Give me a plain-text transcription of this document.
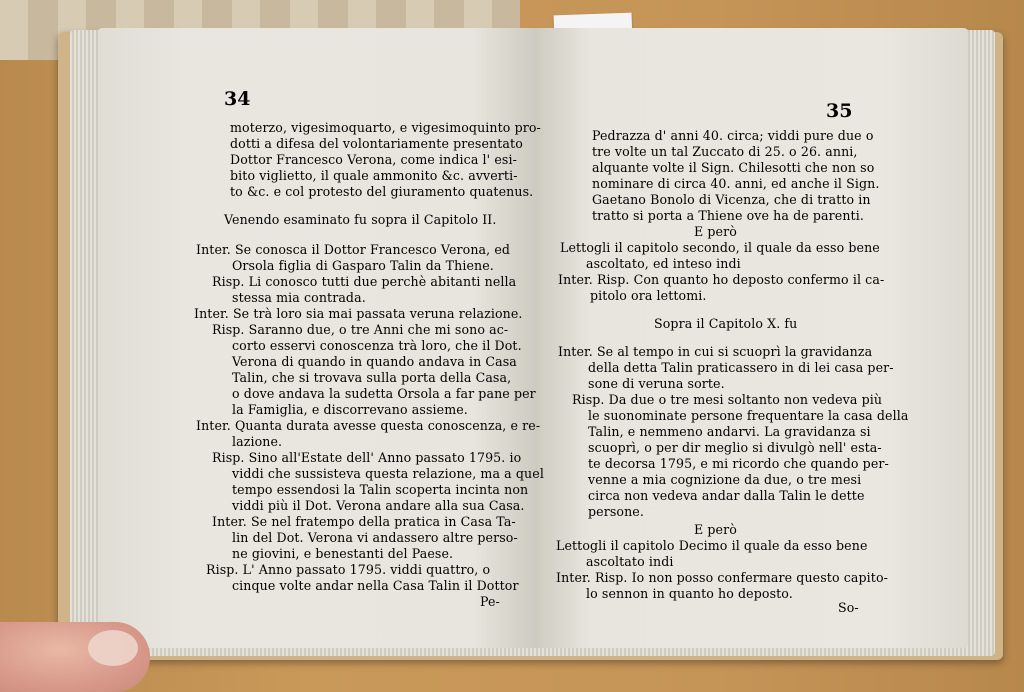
34
35
moterzo, vigesimoquarto, e vigesimoquinto pro-
dotti a difesa del volontariamente presentato
Dottor Francesco Verona, come indica l' esi-
bito viglietto, il quale ammonito &c. avverti-
to &c. e col protesto del giuramento quatenus.
Venendo esaminato fu sopra il Capitolo II.
Inter. Se conosca il Dottor Francesco Verona, ed
Orsola figlia di Gasparo Talin da Thiene.
Risp. Li conosco tutti due perchè abitanti nella
stessa mia contrada.
Inter. Se trà loro sia mai passata veruna relazione.
Risp. Saranno due, o tre Anni che mi sono ac-
corto esservi conoscenza trà loro, che il Dot.
Verona di quando in quando andava in Casa
Talin, che si trovava sulla porta della Casa,
o dove andava la sudetta Orsola a far pane per
la Famiglia, e discorrevano assieme.
Inter. Quanta durata avesse questa conoscenza, e re-
lazione.
Risp. Sino all'Estate dell' Anno passato 1795. io
viddi che sussisteva questa relazione, ma a quel
tempo essendosi la Talin scoperta incinta non
viddi più il Dot. Verona andare alla sua Casa.
Inter. Se nel fratempo della pratica in Casa Ta-
lin del Dot. Verona vi andassero altre perso-
ne giovini, e benestanti del Paese.
Risp. L' Anno passato 1795. viddi quattro, o
cinque volte andar nella Casa Talin il Dottor
Pe-
Pedrazza d' anni 40. circa; viddi pure due o
tre volte un tal Zuccato di 25. o 26. anni,
alquante volte il Sign. Chilesotti che non so
nominare di circa 40. anni, ed anche il Sign.
Gaetano Bonolo di Vicenza, che di tratto in
tratto si porta a Thiene ove ha de parenti.
E però
Lettogli il capitolo secondo, il quale da esso bene
ascoltato, ed inteso indi
Inter. Risp. Con quanto ho deposto confermo il ca-
pitolo ora lettomi.
Sopra il Capitolo X. fu
Inter. Se al tempo in cui si scuoprì la gravidanza
della detta Talin praticassero in di lei casa per-
sone di veruna sorte.
Risp. Da due o tre mesi soltanto non vedeva più
le suonominate persone frequentare la casa della
Talin, e nemmeno andarvi. La gravidanza si
scuoprì, o per dir meglio si divulgò nell' esta-
te decorsa 1795, e mi ricordo che quando per-
venne a mia cognizione da due, o tre mesi
circa non vedeva andar dalla Talin le dette
persone.
E però
Lettogli il capitolo Decimo il quale da esso bene
ascoltato indi
Inter. Risp. Io non posso confermare questo capito-
lo sennon in quanto ho deposto.
So-
